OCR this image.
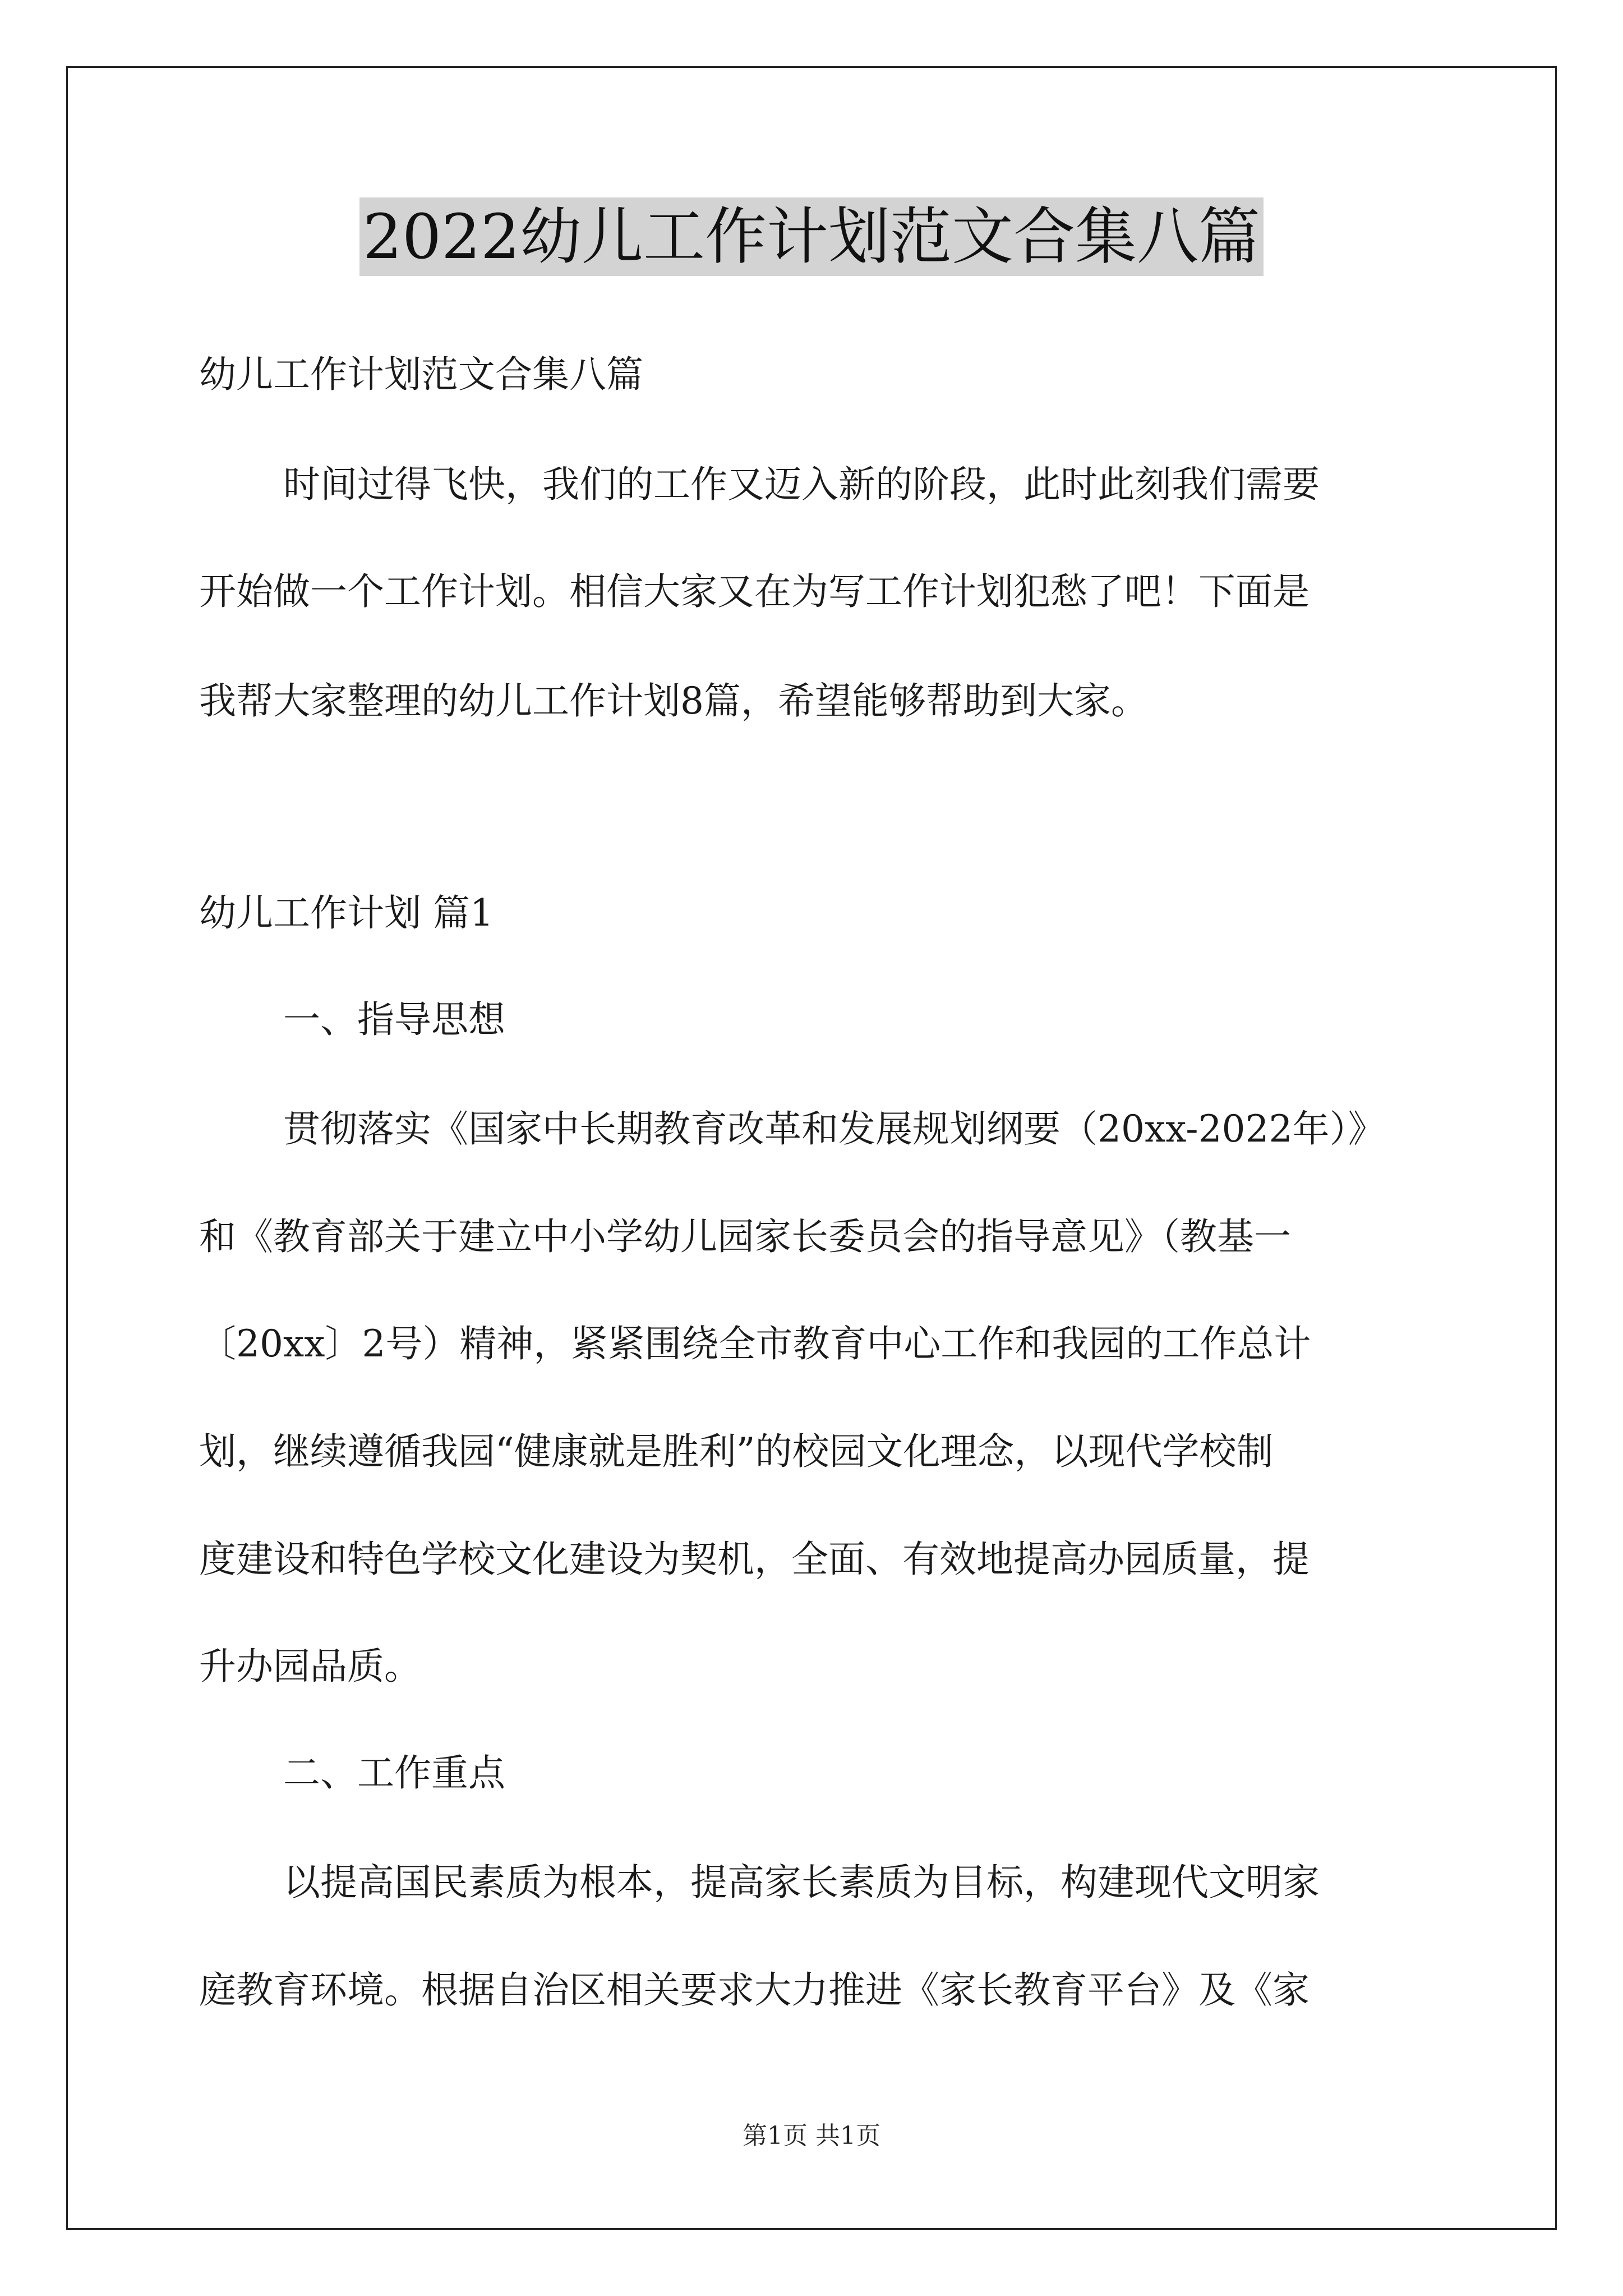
2022幼儿工作计划范文合集八篇
幼儿工作计划范文合集八篇
时间过得飞快，我们的工作又迈入新的阶段，此时此刻我们需要
开始做一个工作计划。相信大家又在为写工作计划犯愁了吧！下面是
我帮大家整理的幼儿工作计划8篇，希望能够帮助到大家。
幼儿工作计划 篇1
一、指导思想
贯彻落实《国家中长期教育改革和发展规划纲要（20xx-2022年）》
和《教育部关于建立中小学幼儿园家长委员会的指导意见》（教基一
〔20xx〕2号）精神，紧紧围绕全市教育中心工作和我园的工作总计
划，继续遵循我园“健康就是胜利”的校园文化理念，以现代学校制
度建设和特色学校文化建设为契机，全面、有效地提高办园质量，提
升办园品质。
二、工作重点
以提高国民素质为根本，提高家长素质为目标，构建现代文明家
庭教育环境。根据自治区相关要求大力推进《家长教育平台》及《家
第1页 共1页
